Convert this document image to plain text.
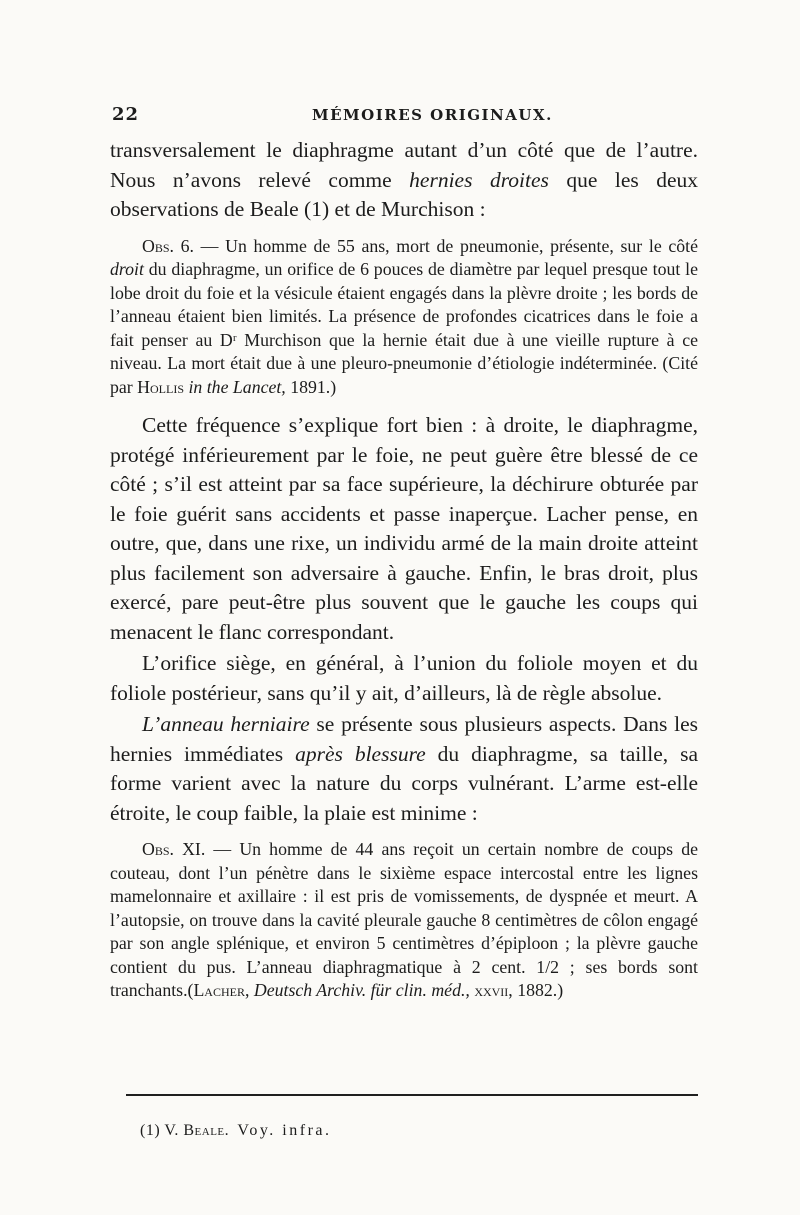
22	MÉMOIRES ORIGINAUX.

transversalement le diaphragme autant d’un côté que de l’autre. Nous n’avons relevé comme hernies droites que les deux observations de Beale (1) et de Murchison :

Obs. 6. — Un homme de 55 ans, mort de pneumonie, présente, sur le côté droit du diaphragme, un orifice de 6 pouces de diamètre par lequel presque tout le lobe droit du foie et la vésicule étaient engagés dans la plèvre droite ; les bords de l’anneau étaient bien limités. La présence de profondes cicatrices dans le foie a fait penser au Dʳ Murchison que la hernie était due à une vieille rupture à ce niveau. La mort était due à une pleuro-pneumonie d’étiologie indéterminée. (Cité par Hollis in the Lancet, 1891.)

Cette fréquence s’explique fort bien : à droite, le diaphragme, protégé inférieurement par le foie, ne peut guère être blessé de ce côté ; s’il est atteint par sa face supérieure, la déchirure obturée par le foie guérit sans accidents et passe inaperçue. Lacher pense, en outre, que, dans une rixe, un individu armé de la main droite atteint plus facilement son adversaire à gauche. Enfin, le bras droit, plus exercé, pare peut-être plus souvent que le gauche les coups qui menacent le flanc correspondant.

L’orifice siège, en général, à l’union du foliole moyen et du foliole postérieur, sans qu’il y ait, d’ailleurs, là de règle absolue.

L’anneau herniaire se présente sous plusieurs aspects. Dans les hernies immédiates après blessure du diaphragme, sa taille, sa forme varient avec la nature du corps vulnérant. L’arme est-elle étroite, le coup faible, la plaie est minime :

Obs. XI. — Un homme de 44 ans reçoit un certain nombre de coups de couteau, dont l’un pénètre dans le sixième espace intercostal entre les lignes mamelonnaire et axillaire : il est pris de vomissements, de dyspnée et meurt. A l’autopsie, on trouve dans la cavité pleurale gauche 8 centimètres de côlon engagé par son angle splénique, et environ 5 centimètres d’épiploon ; la plèvre gauche contient du pus. L’anneau diaphragmatique à 2 cent. 1/2 ; ses bords sont tranchants.(Lacher, Deutsch Archiv. für clin. méd., xxvii, 1882.)

(1) V. Beale. Voy. infra.
